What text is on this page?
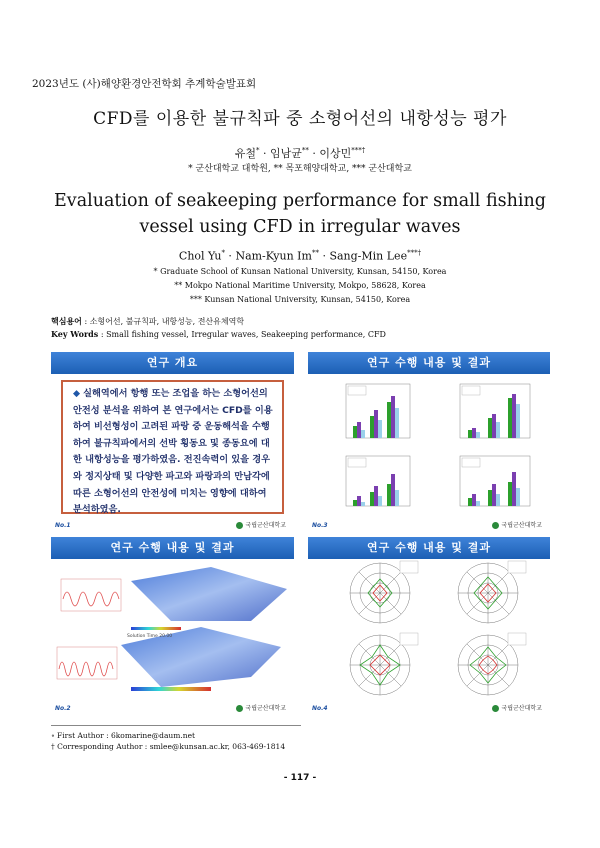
2023년도 (사)해양환경안전학회 추계학술발표회
CFD를 이용한 불규칙파 중 소형어선의 내항성능 평가
유철* · 임남균** · 이상민***†
* 군산대학교 대학원, ** 목포해양대학교, *** 군산대학교
Evaluation of seakeeping performance for small fishing vessel using CFD in irregular waves
Chol Yu* · Nam-Kyun Im** · Sang-Min Lee***†
* Graduate School of Kunsan National University, Kunsan, 54150, Korea
** Mokpo National Maritime University, Mokpo, 58628, Korea
*** Kunsan National University, Kunsan, 54150, Korea
핵심용어 : 소형어선, 불규칙파, 내항성능, 전산유체역학
Key Words : Small fishing vessel, Irregular waves, Seakeeping performance, CFD
연구 개요
◆ 실해역에서 항행 또는 조업을 하는 소형어선의 안전성 분석을 위하여 본 연구에서는 CFD를 이용하여 비선형성이 고려된 파랑 중 운동해석을 수행하여 불규칙파에서의 선박 횡동요 및 종동요에 대한 내항성능을 평가하였음. 전진속력이 있을 경우와 정지상태 및 다양한 파고와 파랑과의 만남각에 따른 소형어선의 안전성에 미치는 영향에 대하여 분석하였음.
No.1	국립군산대학교
연구 수행 내용 및 결과
No.3	국립군산대학교
연구 수행 내용 및 결과
Solution Time 20.00
No.2	국립군산대학교
연구 수행 내용 및 결과
No.4	국립군산대학교
∘ First Author : 6komarine@daum.net
† Corresponding Author : smlee@kunsan.ac.kr, 063-469-1814
- 117 -
